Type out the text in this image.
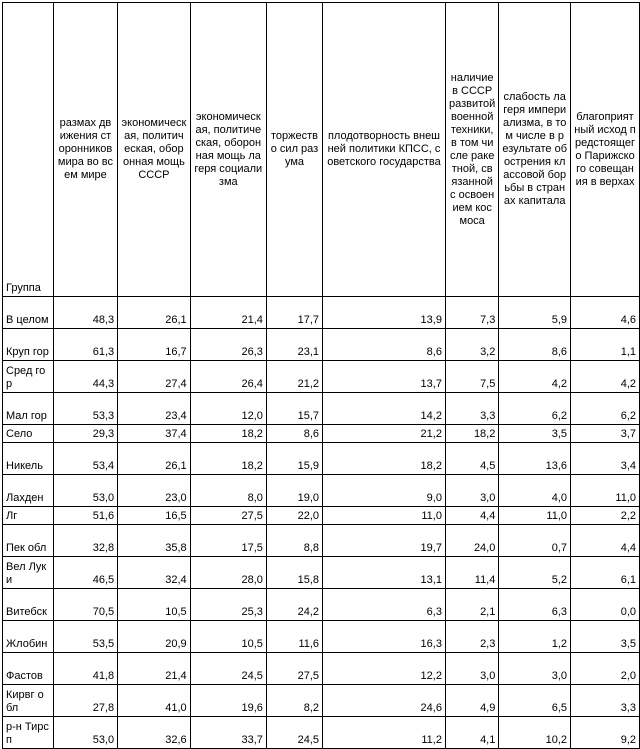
Группа	размах движения сторонников мира во всем мире	экономическая, политическая, оборонная мощь СССР	экономическая, политическая, оборонная мощь лагеря социализма	торжество сил разума	плодотворность внешней политики КПСС, советского государства	наличие в СССР развитой военной техники, в том числе ракетной, связанной с освоением космоса	слабость лагеря империализма, в том числе в результате обострения классовой борьбы в странах капитала	благоприятный исход предстоящего Парижского совещания в верхах
В целом	48,3	26,1	21,4	17,7	13,9	7,3	5,9	4,6
Круп гор	61,3	16,7	26,3	23,1	8,6	3,2	8,6	1,1
Сред гор	44,3	27,4	26,4	21,2	13,7	7,5	4,2	4,2
Мал гор	53,3	23,4	12,0	15,7	14,2	3,3	6,2	6,2
Село	29,3	37,4	18,2	8,6	21,2	18,2	3,5	3,7
Никель	53,4	26,1	18,2	15,9	18,2	4,5	13,6	3,4
Лахден	53,0	23,0	8,0	19,0	9,0	3,0	4,0	11,0
Лг	51,6	16,5	27,5	22,0	11,0	4,4	11,0	2,2
Пек обл	32,8	35,8	17,5	8,8	19,7	24,0	0,7	4,4
Вел Луки	46,5	32,4	28,0	15,8	13,1	11,4	5,2	6,1
Витебск	70,5	10,5	25,3	24,2	6,3	2,1	6,3	0,0
Жлобин	53,5	20,9	10,5	11,6	16,3	2,3	1,2	3,5
Фастов	41,8	21,4	24,5	27,5	12,2	3,0	3,0	2,0
Кирвг обл	27,8	41,0	19,6	8,2	24,6	4,9	6,5	3,3
р-н Тирсп	53,0	32,6	33,7	24,5	11,2	4,1	10,2	9,2
